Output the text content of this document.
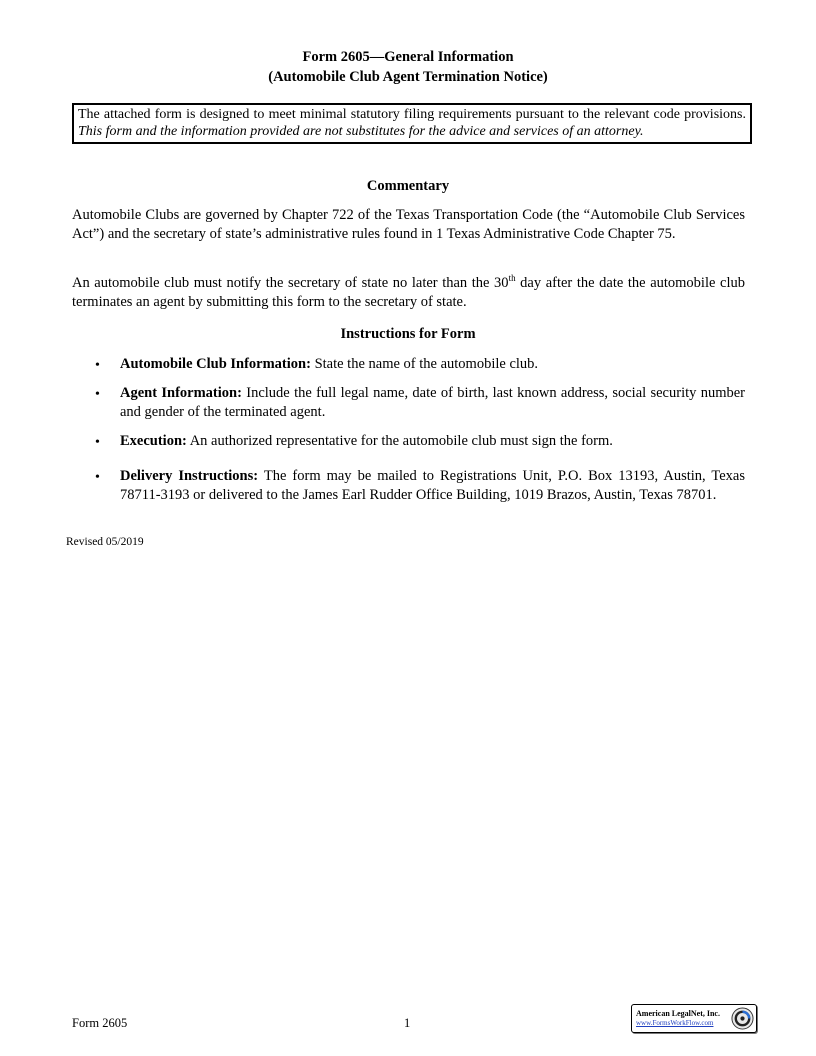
Form 2605—General Information
(Automobile Club Agent Termination Notice)
The attached form is designed to meet minimal statutory filing requirements pursuant to the relevant code provisions. This form and the information provided are not substitutes for the advice and services of an attorney.
Commentary
Automobile Clubs are governed by Chapter 722 of the Texas Transportation Code (the “Automobile Club Services Act”) and the secretary of state’s administrative rules found in 1 Texas Administrative Code Chapter 75.
An automobile club must notify the secretary of state no later than the 30th day after the date the automobile club terminates an agent by submitting this form to the secretary of state.
Instructions for Form
• Automobile Club Information: State the name of the automobile club.
• Agent Information: Include the full legal name, date of birth, last known address, social security number and gender of the terminated agent.
• Execution: An authorized representative for the automobile club must sign the form.
• Delivery Instructions: The form may be mailed to Registrations Unit, P.O. Box 13193, Austin, Texas 78711-3193 or delivered to the James Earl Rudder Office Building, 1019 Brazos, Austin, Texas 78701.
Revised 05/2019
Form 2605	1
American LegalNet, Inc.
www.FormsWorkFlow.com
